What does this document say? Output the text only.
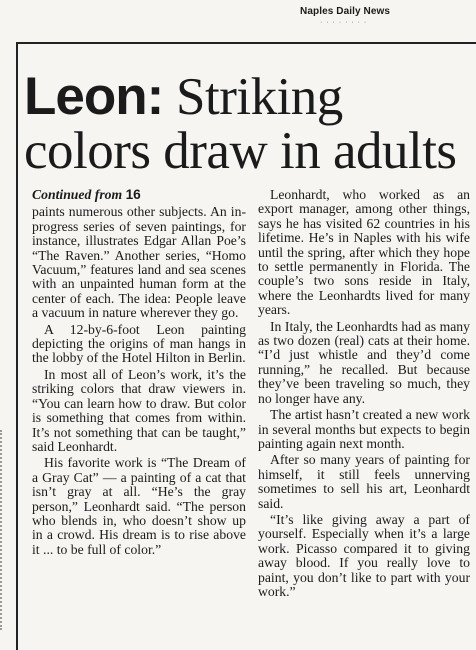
Naples Daily News
· · · · · · · ·
Leon: Striking colors draw in adults
Continued from 16

paints numerous other subjects. An in-progress series of seven paintings, for instance, illustrates Edgar Allan Poe’s “The Raven.” Another series, “Homo Vacuum,” features land and sea scenes with an unpainted human form at the center of each. The idea: People leave a vacuum in nature wherever they go.

A 12-by-6-foot Leon painting depicting the origins of man hangs in the lobby of the Hotel Hilton in Berlin.

In most all of Leon’s work, it’s the striking colors that draw viewers in. “You can learn how to draw. But color is something that comes from within. It’s not something that can be taught,” said Leonhardt.

His favorite work is “The Dream of a Gray Cat” — a painting of a cat that isn’t gray at all. “He’s the gray person,” Leonhardt said. “The person who blends in, who doesn’t show up in a crowd. His dream is to rise above it ... to be full of color.”

Leonhardt, who worked as an export manager, among other things, says he has visited 62 countries in his lifetime. He’s in Naples with his wife until the spring, after which they hope to settle permanently in Florida. The couple’s two sons reside in Italy, where the Leonhardts lived for many years.

In Italy, the Leonhardts had as many as two dozen (real) cats at their home. “I’d just whistle and they’d come running,” he recalled. But because they’ve been traveling so much, they no longer have any.

The artist hasn’t created a new work in several months but expects to begin painting again next month.

After so many years of painting for himself, it still feels unnerving sometimes to sell his art, Leonhardt said.

“It’s like giving away a part of yourself. Especially when it’s a large work. Picasso compared it to giving away blood. If you really love to paint, you don’t like to part with your work.”
